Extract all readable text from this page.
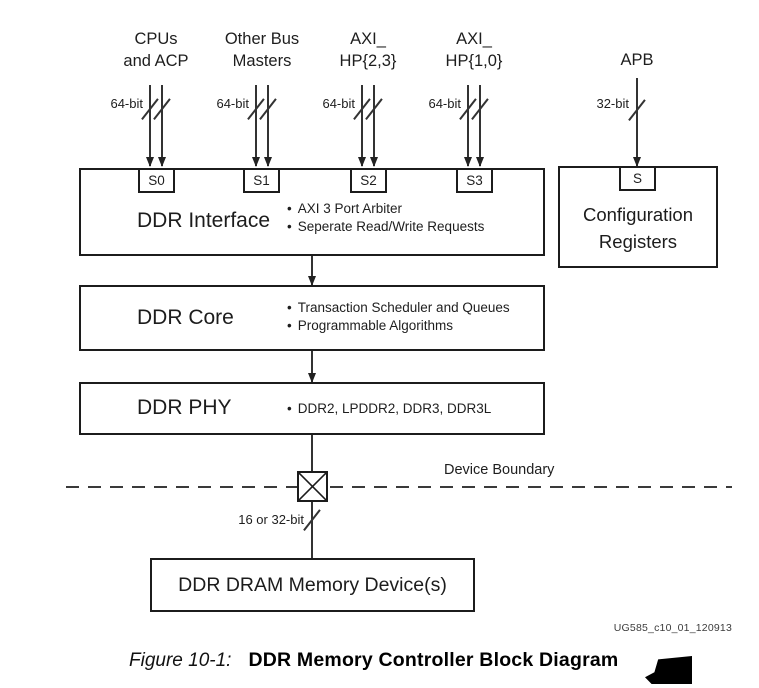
CPUs
and ACP
64-bit
Other Bus
Masters
64-bit
AXI_
HP{2,3}
64-bit
AXI_
HP{1,0}
64-bit
APB
32-bit
DDR Interface
• AXI 3 Port Arbiter
• Seperate Read/Write Requests
S0	S1	S2	S3	S
Configuration
Registers
DDR Core	• Transaction Scheduler and Queues
• Programmable Algorithms
DDR PHY	• DDR2, LPDDR2, DDR3, DDR3L
Device Boundary
16 or 32-bit
DDR DRAM Memory Device(s)
UG585_c10_01_120913
Figure 10-1: DDR Memory Controller Block Diagram
